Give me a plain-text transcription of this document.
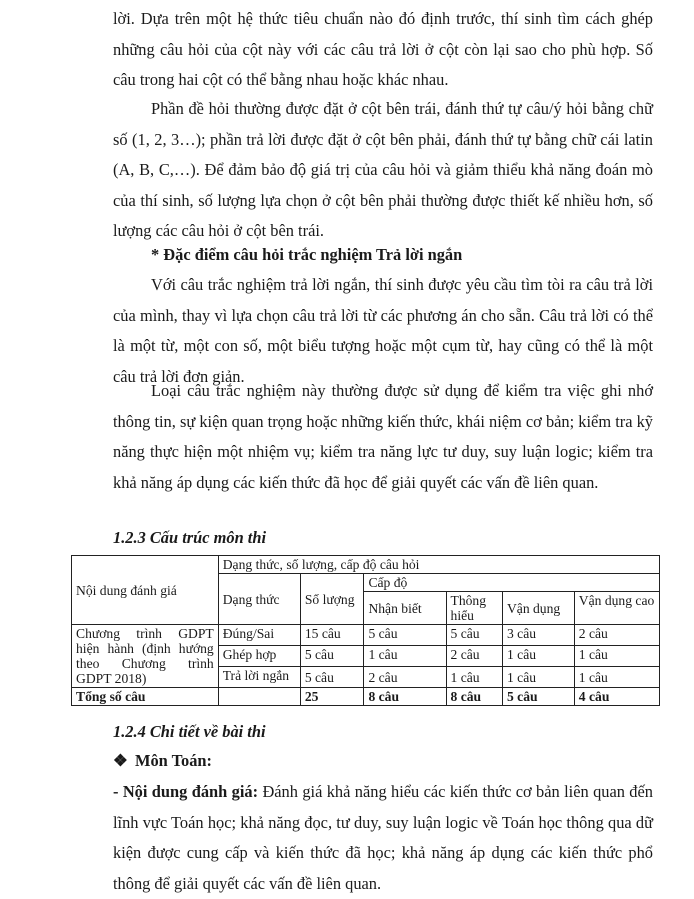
lời. Dựa trên một hệ thức tiêu chuẩn nào đó định trước, thí sinh tìm cách ghép những câu hỏi của cột này với các câu trả lời ở cột còn lại sao cho phù hợp. Số câu trong hai cột có thể bằng nhau hoặc khác nhau.

Phần đề hỏi thường được đặt ở cột bên trái, đánh thứ tự câu/ý hỏi bằng chữ số (1, 2, 3…); phần trả lời được đặt ở cột bên phải, đánh thứ tự bằng chữ cái latin (A, B, C,…). Để đảm bảo độ giá trị của câu hỏi và giảm thiểu khả năng đoán mò của thí sinh, số lượng lựa chọn ở cột bên phải thường được thiết kế nhiều hơn, số lượng các câu hỏi ở cột bên trái.

* Đặc điểm câu hỏi trắc nghiệm Trả lời ngắn

Với câu trắc nghiệm trả lời ngắn, thí sinh được yêu cầu tìm tòi ra câu trả lời của mình, thay vì lựa chọn câu trả lời từ các phương án cho sẵn. Câu trả lời có thể là một từ, một con số, một biểu tượng hoặc một cụm từ, hay cũng có thể là một câu trả lời đơn giản.

Loại câu trắc nghiệm này thường được sử dụng để kiểm tra việc ghi nhớ thông tin, sự kiện quan trọng hoặc những kiến thức, khái niệm cơ bản; kiểm tra kỹ năng thực hiện một nhiệm vụ; kiểm tra năng lực tư duy, suy luận logic; kiểm tra khả năng áp dụng các kiến thức đã học để giải quyết các vấn đề liên quan.

1.2.3 Cấu trúc môn thi

Nội dung đánh giá	Dạng thức, số lượng, cấp độ câu hỏi					
	Dạng thức	Số lượng	Cấp độ			
			Nhận biết	Thông hiểu	Vận dụng	Vận dụng cao
Chương trình GDPT hiện hành (định hướng theo Chương trình GDPT 2018)	Đúng/Sai	15 câu	5 câu	5 câu	3 câu	2 câu
	Ghép hợp	5 câu	1 câu	2 câu	1 câu	1 câu
	Trả lời ngắn	5 câu	2 câu	1 câu	1 câu	1 câu
Tổng số câu		25	8 câu	8 câu	5 câu	4 câu

1.2.4 Chi tiết về bài thi

❖ Môn Toán:

- Nội dung đánh giá: Đánh giá khả năng hiểu các kiến thức cơ bản liên quan đến lĩnh vực Toán học; khả năng đọc, tư duy, suy luận logic về Toán học thông qua dữ kiện được cung cấp và kiến thức đã học; khả năng áp dụng các kiến thức phổ thông để giải quyết các vấn đề liên quan.
